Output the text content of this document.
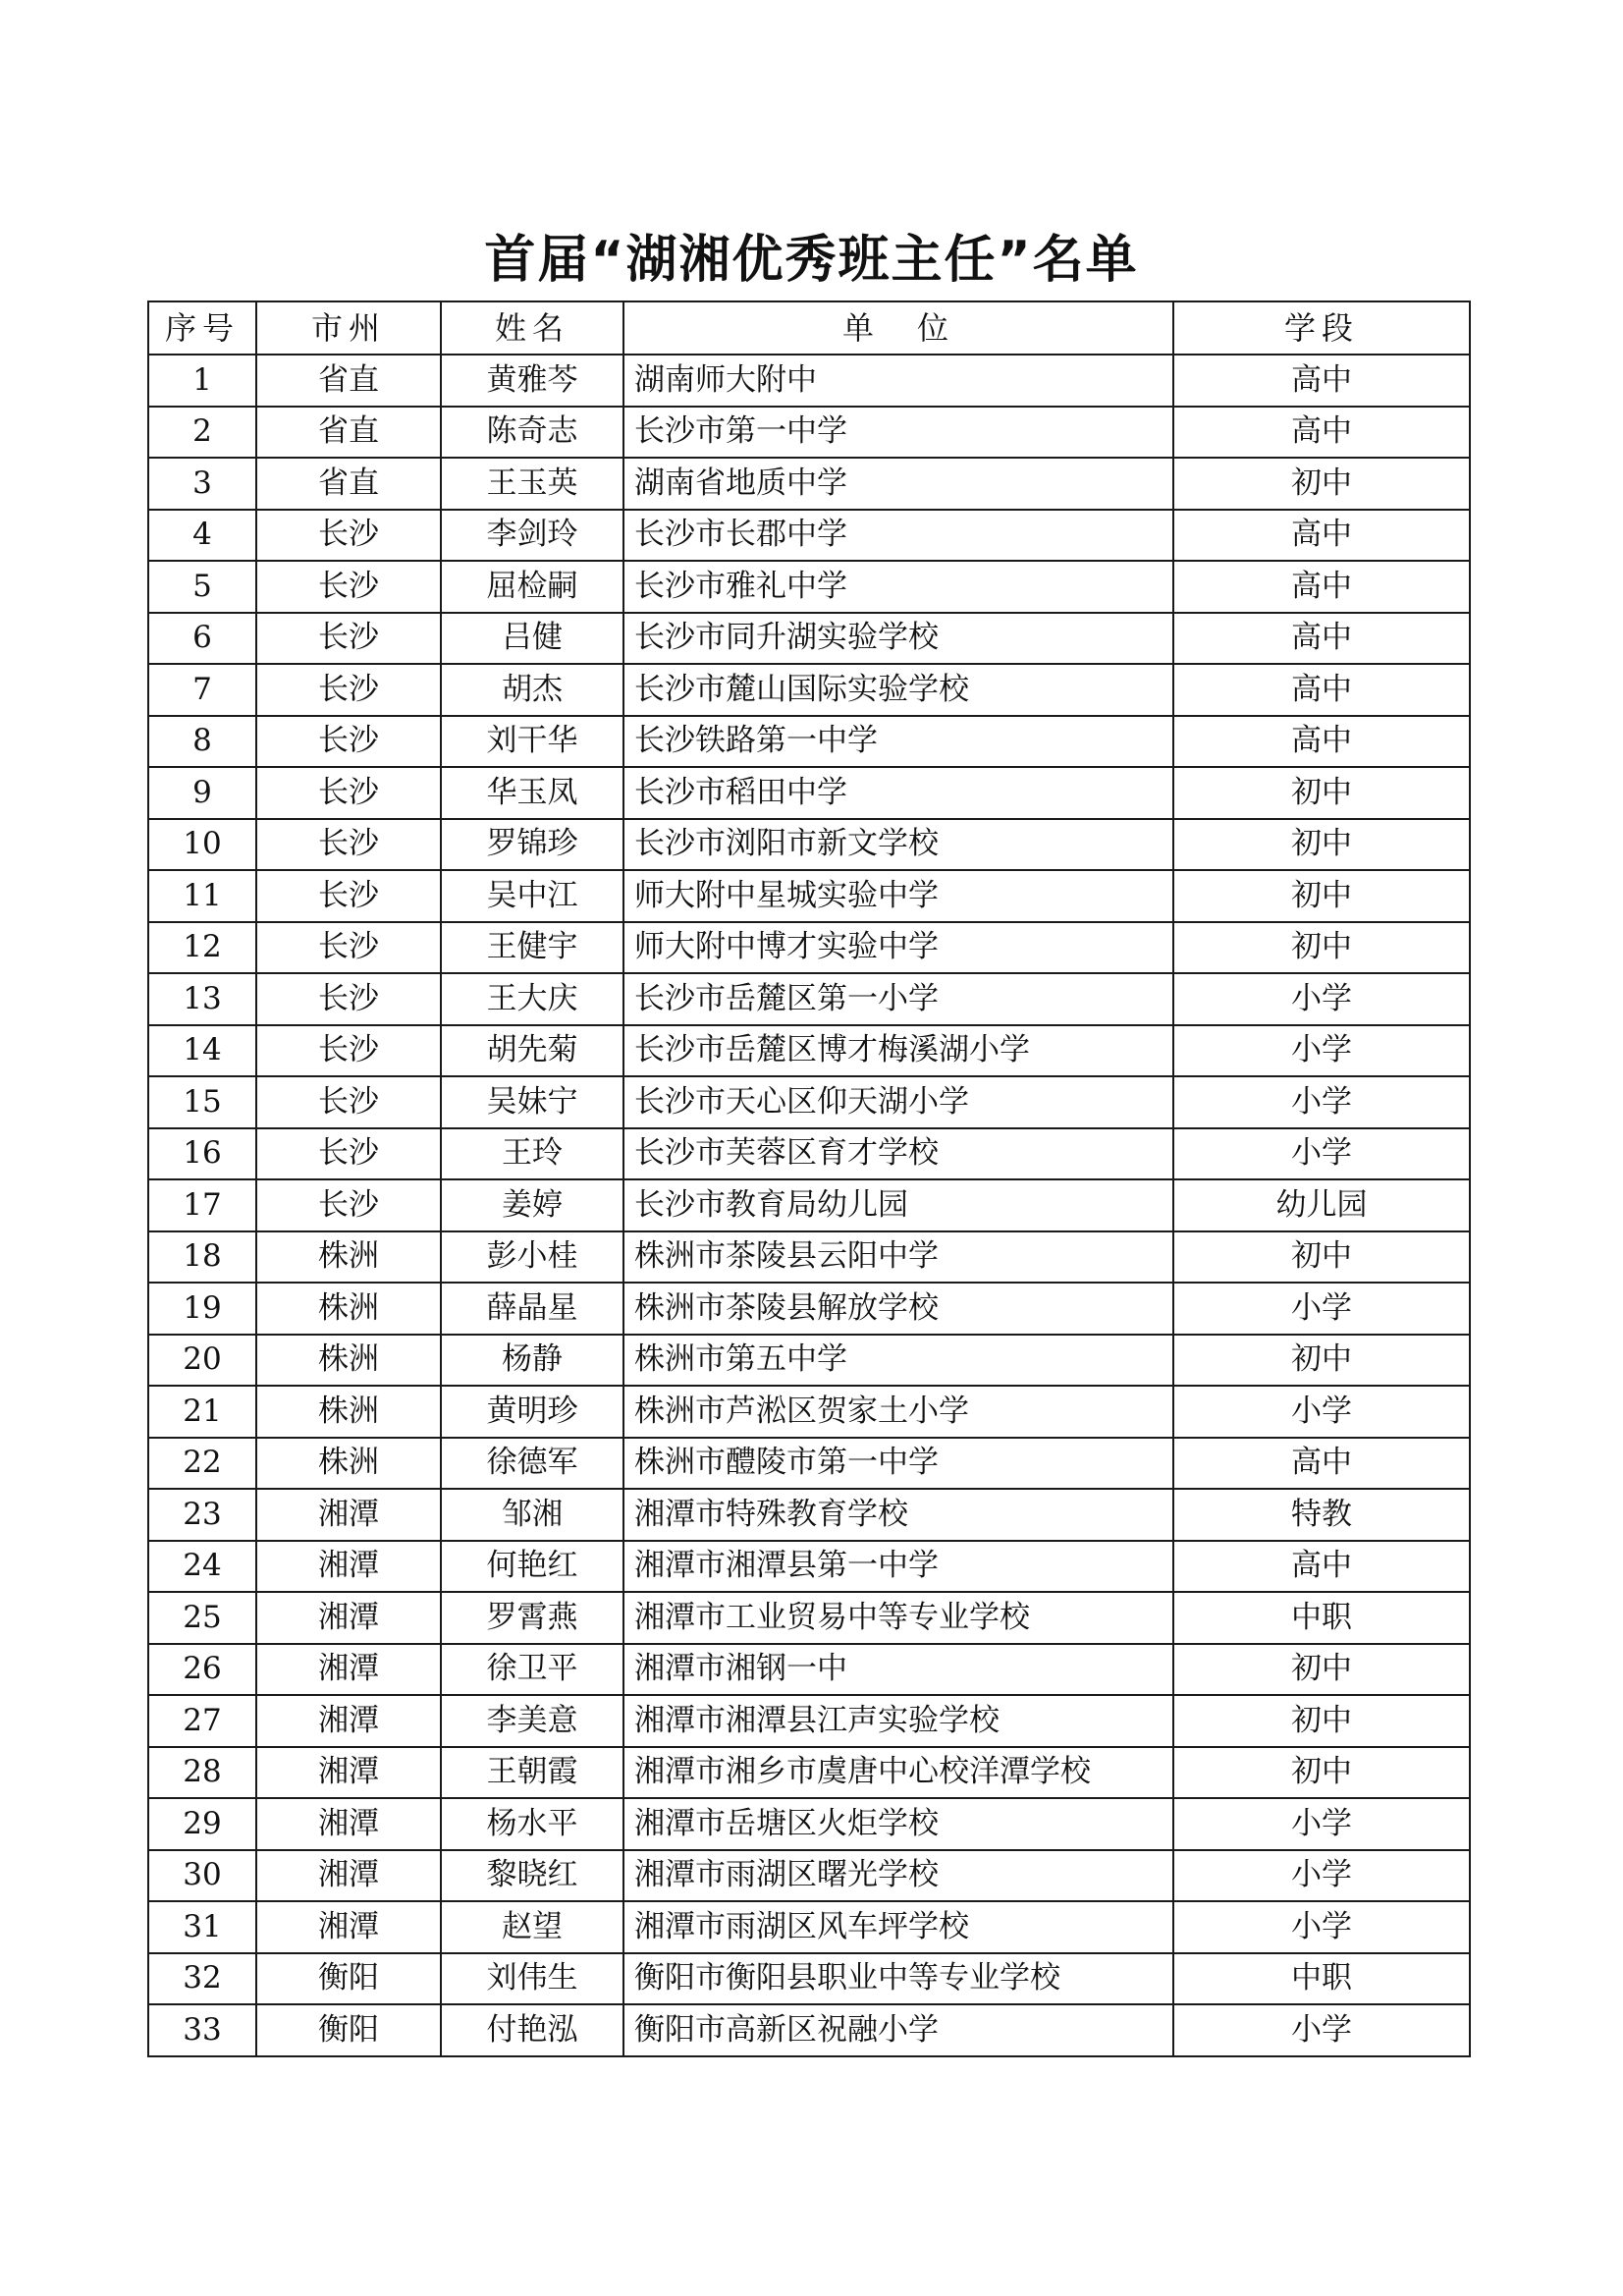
首届“湖湘优秀班主任”名单
序号	市州	姓名	单　位	学段
1	省直	黄雅芩	湖南师大附中	高中
2	省直	陈奇志	长沙市第一中学	高中
3	省直	王玉英	湖南省地质中学	初中
4	长沙	李剑玲	长沙市长郡中学	高中
5	长沙	屈检嗣	长沙市雅礼中学	高中
6	长沙	吕健	长沙市同升湖实验学校	高中
7	长沙	胡杰	长沙市麓山国际实验学校	高中
8	长沙	刘干华	长沙铁路第一中学	高中
9	长沙	华玉凤	长沙市稻田中学	初中
10	长沙	罗锦珍	长沙市浏阳市新文学校	初中
11	长沙	吴中江	师大附中星城实验中学	初中
12	长沙	王健宇	师大附中博才实验中学	初中
13	长沙	王大庆	长沙市岳麓区第一小学	小学
14	长沙	胡先菊	长沙市岳麓区博才梅溪湖小学	小学
15	长沙	吴妹宁	长沙市天心区仰天湖小学	小学
16	长沙	王玲	长沙市芙蓉区育才学校	小学
17	长沙	姜婷	长沙市教育局幼儿园	幼儿园
18	株洲	彭小桂	株洲市茶陵县云阳中学	初中
19	株洲	薛晶星	株洲市茶陵县解放学校	小学
20	株洲	杨静	株洲市第五中学	初中
21	株洲	黄明珍	株洲市芦淞区贺家土小学	小学
22	株洲	徐德军	株洲市醴陵市第一中学	高中
23	湘潭	邹湘	湘潭市特殊教育学校	特教
24	湘潭	何艳红	湘潭市湘潭县第一中学	高中
25	湘潭	罗霄燕	湘潭市工业贸易中等专业学校	中职
26	湘潭	徐卫平	湘潭市湘钢一中	初中
27	湘潭	李美意	湘潭市湘潭县江声实验学校	初中
28	湘潭	王朝霞	湘潭市湘乡市虞唐中心校洋潭学校	初中
29	湘潭	杨水平	湘潭市岳塘区火炬学校	小学
30	湘潭	黎晓红	湘潭市雨湖区曙光学校	小学
31	湘潭	赵望	湘潭市雨湖区风车坪学校	小学
32	衡阳	刘伟生	衡阳市衡阳县职业中等专业学校	中职
33	衡阳	付艳泓	衡阳市高新区祝融小学	小学
